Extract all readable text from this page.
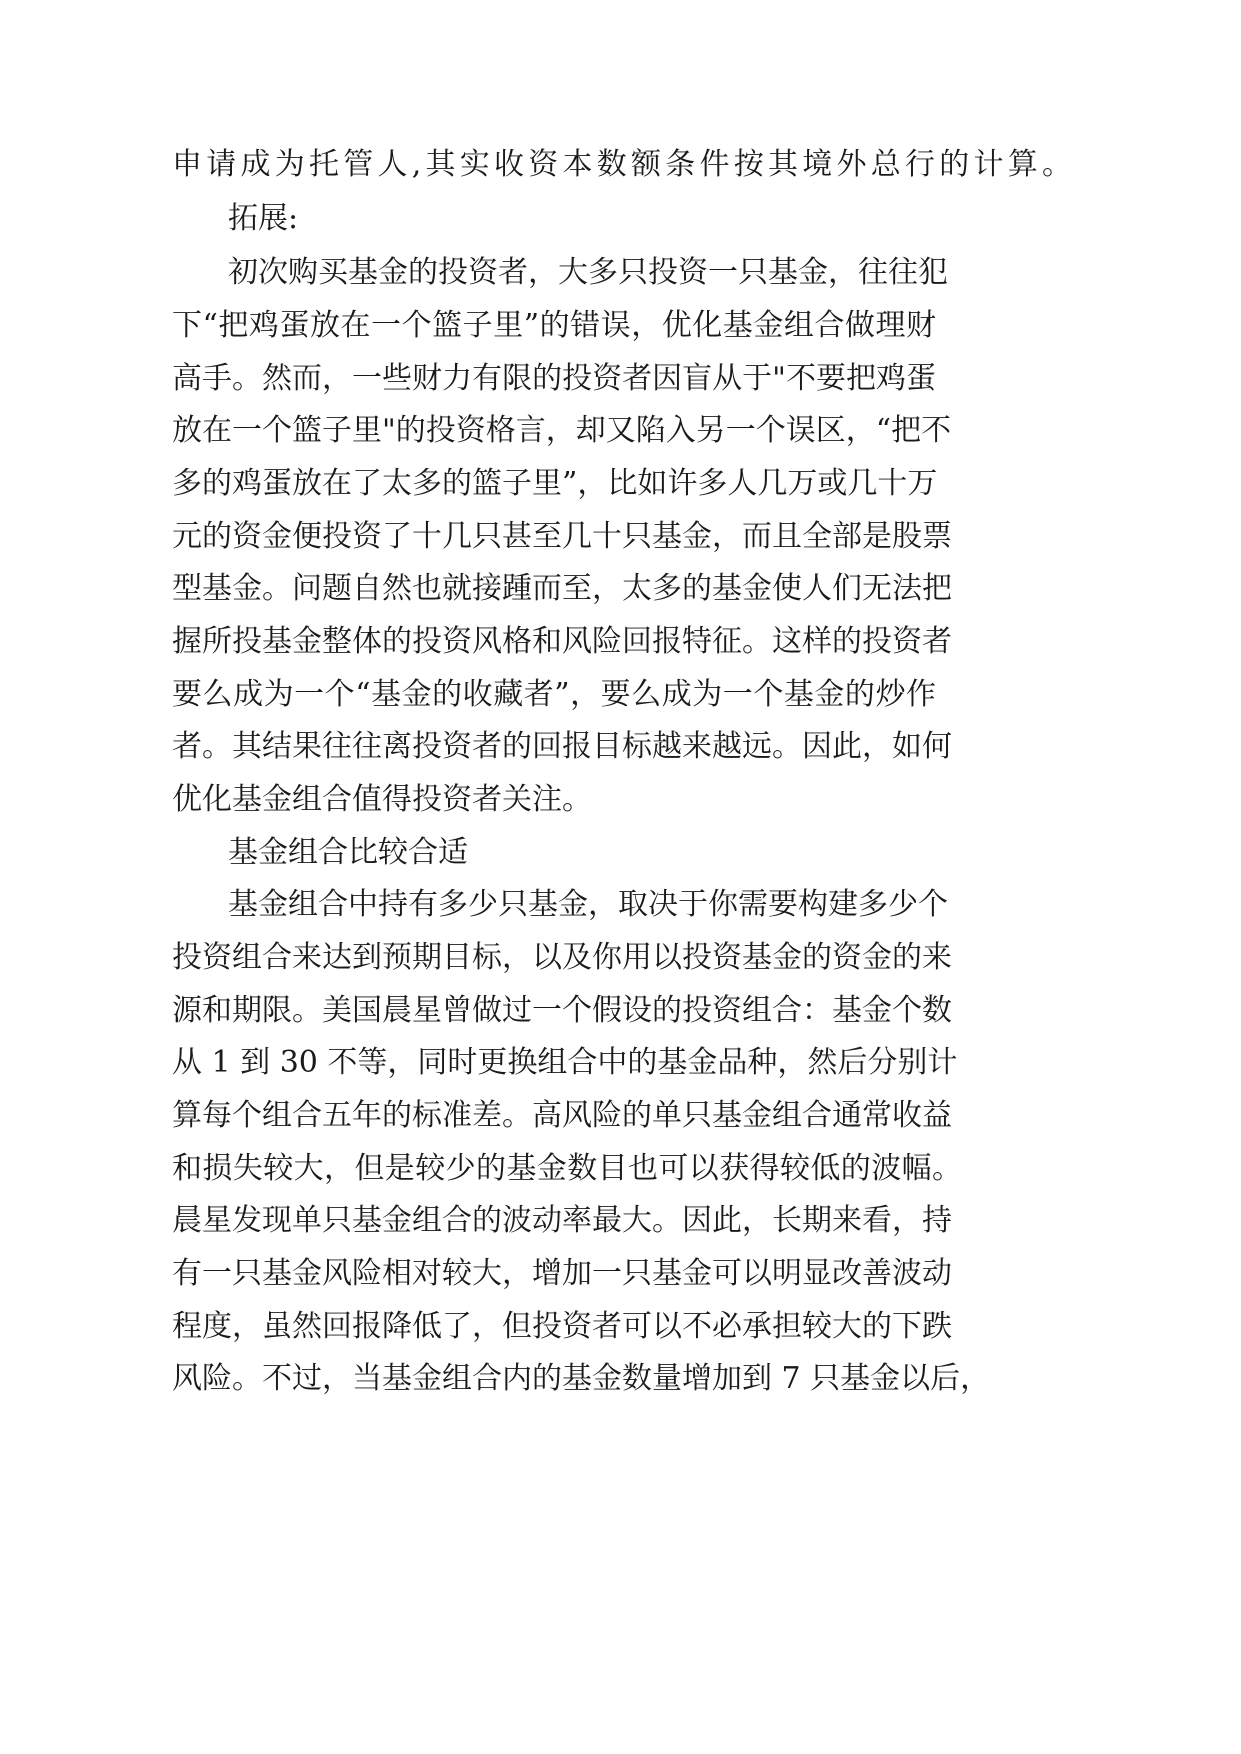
申请成为托管人,其实收资本数额条件按其境外总行的计算。
拓展:
初次购买基金的投资者，大多只投资一只基金，往往犯
下“把鸡蛋放在一个篮子里”的错误，优化基金组合做理财
高手。然而，一些财力有限的投资者因盲从于"不要把鸡蛋
放在一个篮子里"的投资格言，却又陷入另一个误区，“把不
多的鸡蛋放在了太多的篮子里”，比如许多人几万或几十万
元的资金便投资了十几只甚至几十只基金，而且全部是股票
型基金。问题自然也就接踵而至，太多的基金使人们无法把
握所投基金整体的投资风格和风险回报特征。这样的投资者
要么成为一个“基金的收藏者”，要么成为一个基金的炒作
者。其结果往往离投资者的回报目标越来越远。因此，如何
优化基金组合值得投资者关注。
基金组合比较合适
基金组合中持有多少只基金，取决于你需要构建多少个
投资组合来达到预期目标，以及你用以投资基金的资金的来
源和期限。美国晨星曾做过一个假设的投资组合：基金个数
从 1 到 30 不等，同时更换组合中的基金品种，然后分别计
算每个组合五年的标准差。高风险的单只基金组合通常收益
和损失较大，但是较少的基金数目也可以获得较低的波幅。
晨星发现单只基金组合的波动率最大。因此，长期来看，持
有一只基金风险相对较大，增加一只基金可以明显改善波动
程度，虽然回报降低了，但投资者可以不必承担较大的下跌
风险。不过，当基金组合内的基金数量增加到 7 只基金以后，
